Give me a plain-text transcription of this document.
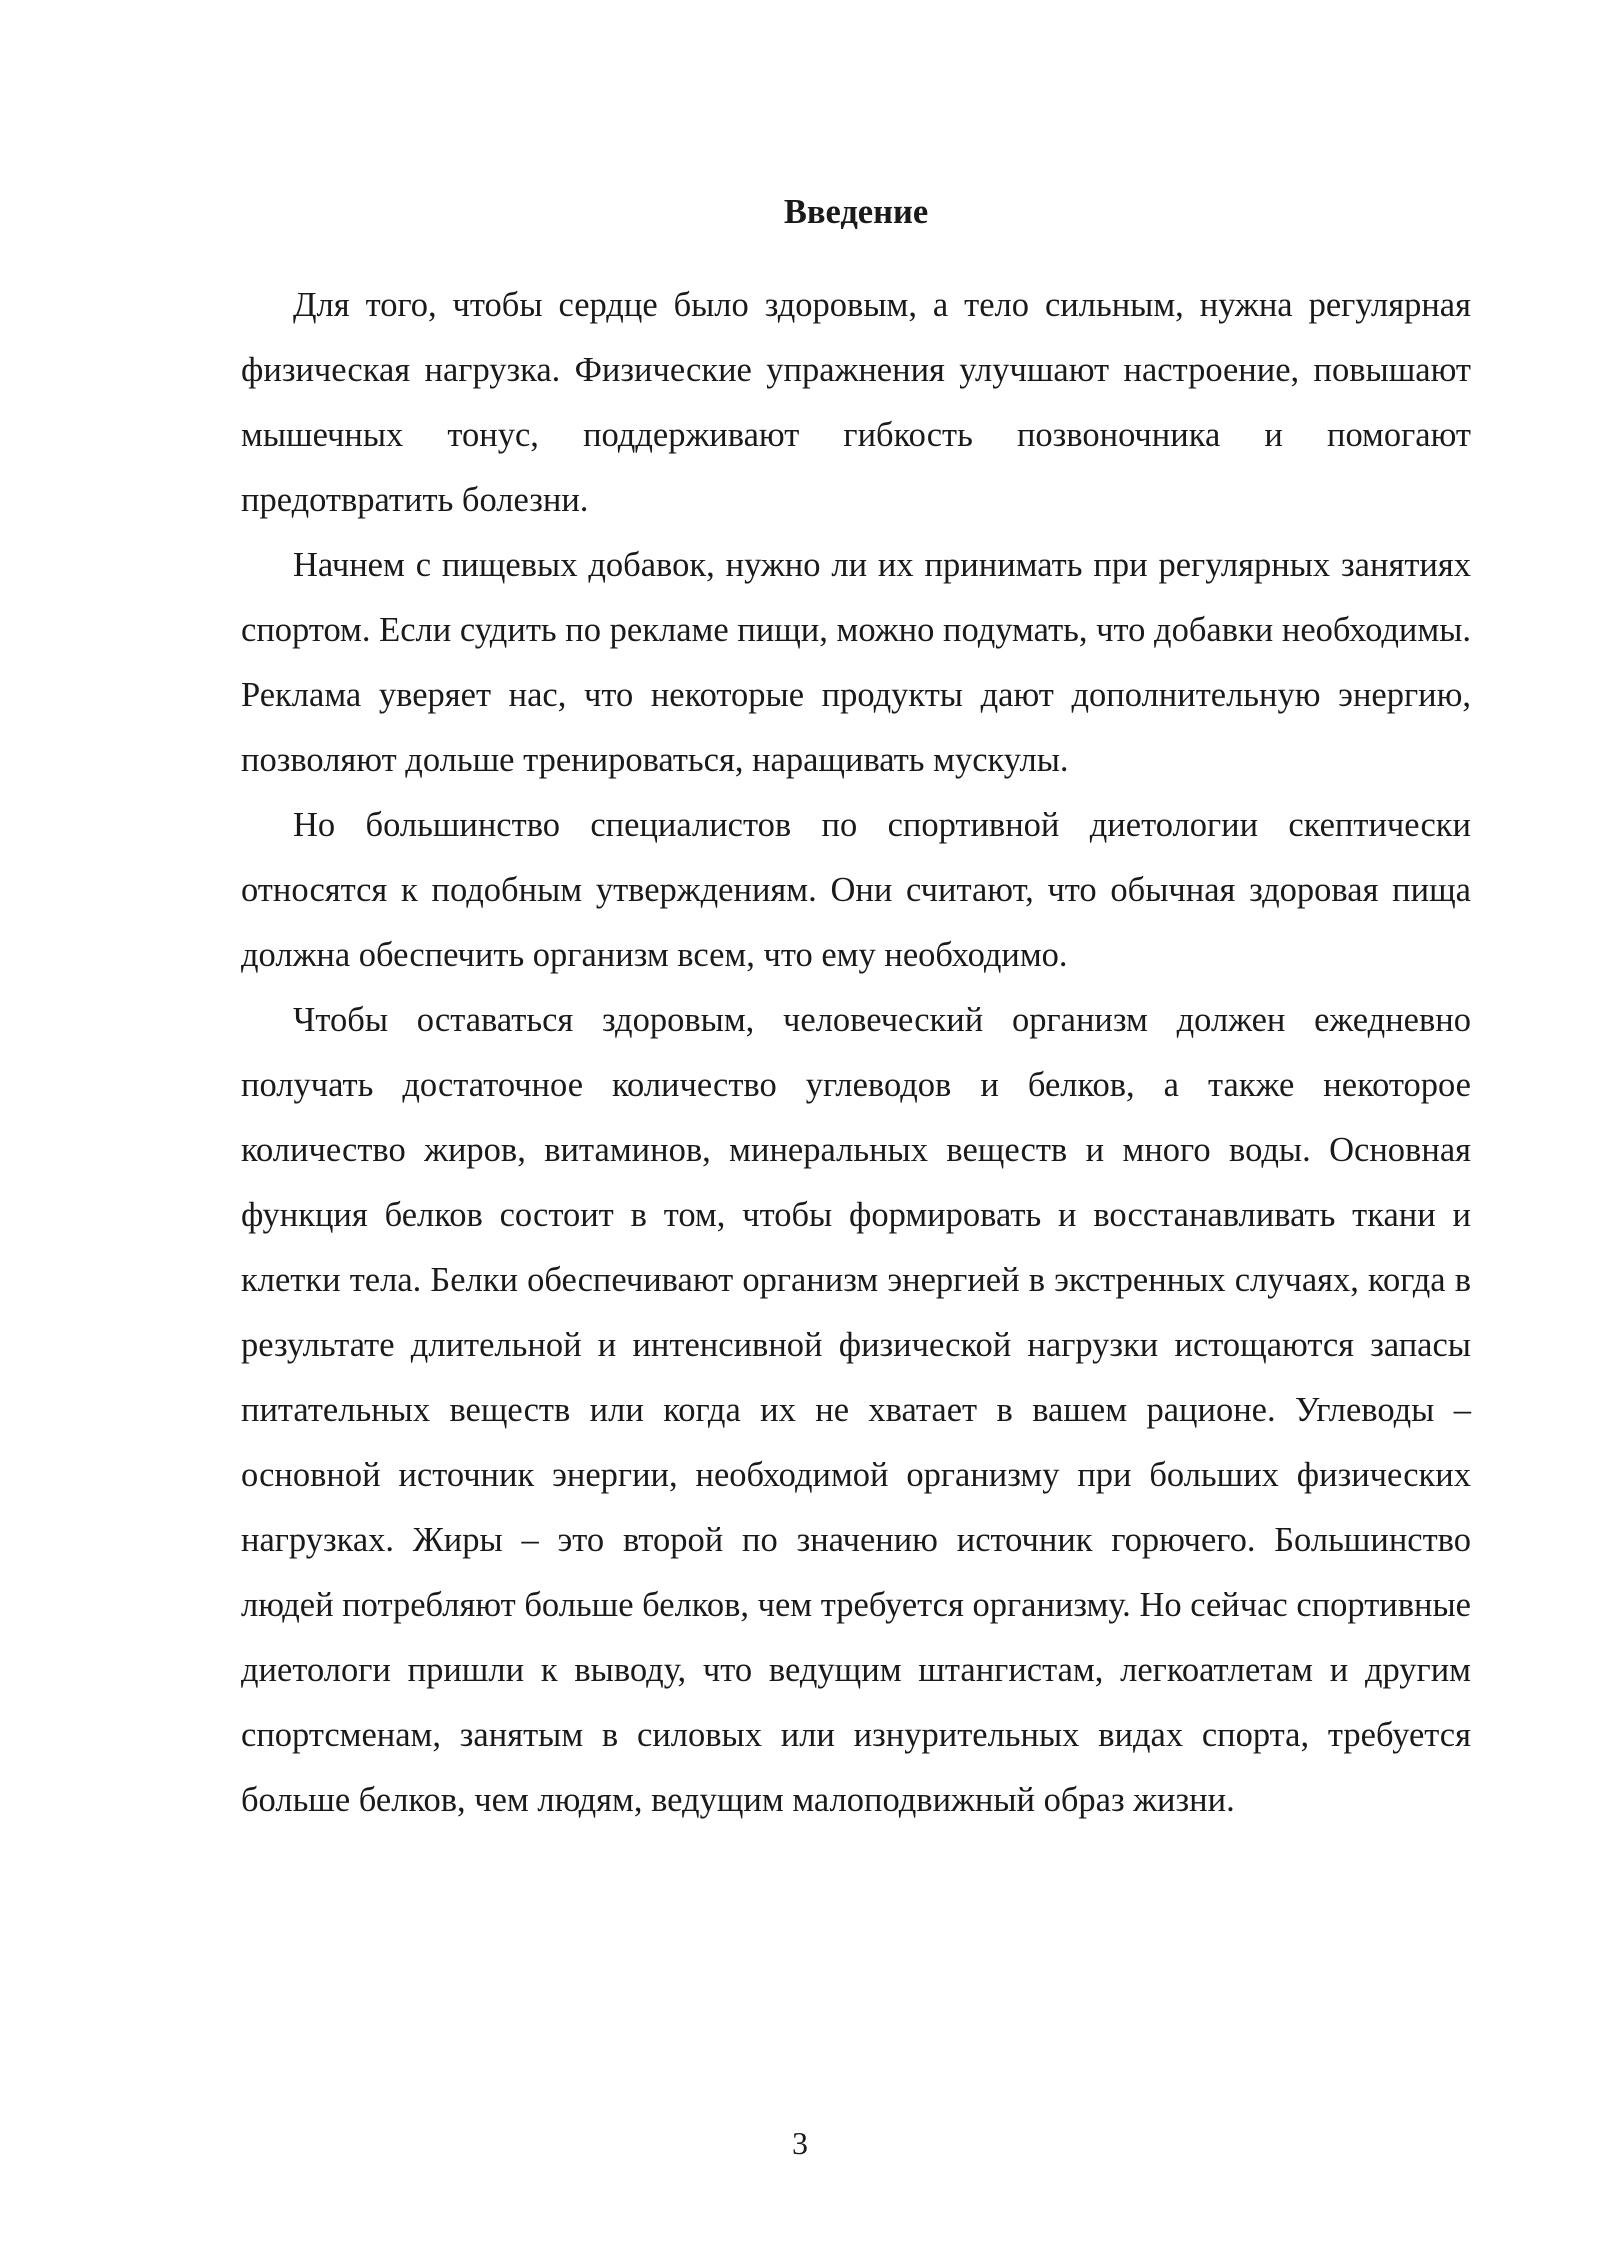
Введение

Для того, чтобы сердце было здоровым, а тело сильным, нужна регулярная физическая нагрузка. Физические упражнения улучшают настроение, повышают мышечных тонус, поддерживают гибкость позвоночника и помогают предотвратить болезни.

Начнем с пищевых добавок, нужно ли их принимать при регулярных занятиях спортом. Если судить по рекламе пищи, можно подумать, что добавки необходимы. Реклама уверяет нас, что некоторые продукты дают дополнительную энергию, позволяют дольше тренироваться, наращивать мускулы.

Но большинство специалистов по спортивной диетологии скептически относятся к подобным утверждениям. Они считают, что обычная здоровая пища должна обеспечить организм всем, что ему необходимо.

Чтобы оставаться здоровым, человеческий организм должен ежедневно получать достаточное количество углеводов и белков, а также некоторое количество жиров, витаминов, минеральных веществ и много воды. Основная функция белков состоит в том, чтобы формировать и восстанавливать ткани и клетки тела. Белки обеспечивают организм энергией в экстренных случаях, когда в результате длительной и интенсивной физической нагрузки истощаются запасы питательных веществ или когда их не хватает в вашем рационе. Углеводы – основной источник энергии, необходимой организму при больших физических нагрузках. Жиры – это второй по значению источник горючего. Большинство людей потребляют больше белков, чем требуется организму. Но сейчас спортивные диетологи пришли к выводу, что ведущим штангистам, легкоатлетам и другим спортсменам, занятым в силовых или изнурительных видах спорта, требуется больше белков, чем людям, ведущим малоподвижный образ жизни.

3
